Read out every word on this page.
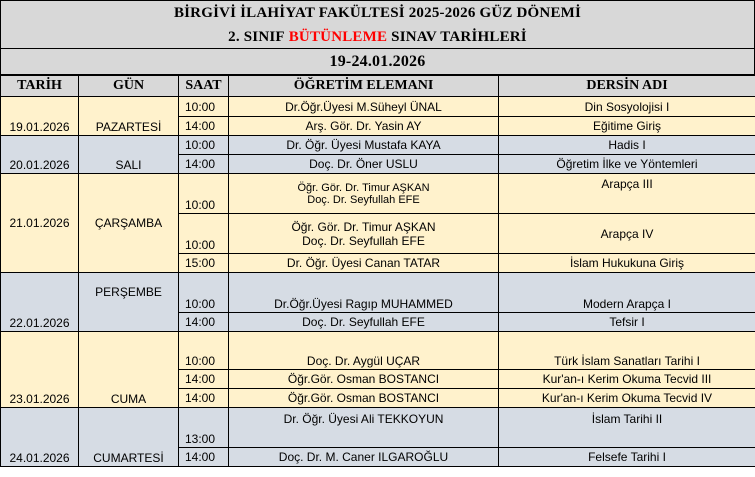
BİRGİVİ İLAHİYAT FAKÜLTESİ 2025-2026 GÜZ DÖNEMİ
2. SINIF
BÜTÜNLEME
SINAV TARİHLERİ
19-24.01.2026
TARİH	GÜN	SAAT	ÖĞRETİM ELEMANI	DERSİN ADI
19.01.2026	PAZARTESİ	10:00	Dr.Öğr.Üyesi M.Süheyl ÜNAL	Din Sosyolojisi I
		14:00	Arş. Gör. Dr. Yasin AY	Eğitime Giriş
20.01.2026	SALI	10:00	Dr. Öğr. Üyesi Mustafa KAYA	Hadis I
		14:00	Doç. Dr. Öner USLU	Öğretim İlke ve Yöntemleri
21.01.2026	ÇARŞAMBA	10:00	Öğr. Gör. Dr. Timur AŞKAN
Doç. Dr. Seyfullah EFE	Arapça III
		10:00	Öğr. Gör. Dr. Timur AŞKAN
Doç. Dr. Seyfullah EFE	Arapça IV
		15:00	Dr. Öğr. Üyesi Canan TATAR	İslam Hukukuna Giriş
22.01.2026	PERŞEMBE	10:00	Dr.Öğr.Üyesi Ragıp MUHAMMED	Modern Arapça I
		14:00	Doç. Dr. Seyfullah EFE	Tefsir I
23.01.2026	CUMA	10:00	Doç. Dr. Aygül UÇAR	Türk İslam Sanatları Tarihi I
		14:00	Öğr.Gör. Osman BOSTANCI	Kur'an-ı Kerim Okuma Tecvid III
		14:00	Öğr.Gör. Osman BOSTANCI	Kur'an-ı Kerim Okuma Tecvid IV
24.01.2026	CUMARTESİ	13:00	Dr. Öğr. Üyesi Ali TEKKOYUN	İslam Tarihi II
		14:00	Doç. Dr. M. Caner ILGAROĞLU	Felsefe Tarihi I
